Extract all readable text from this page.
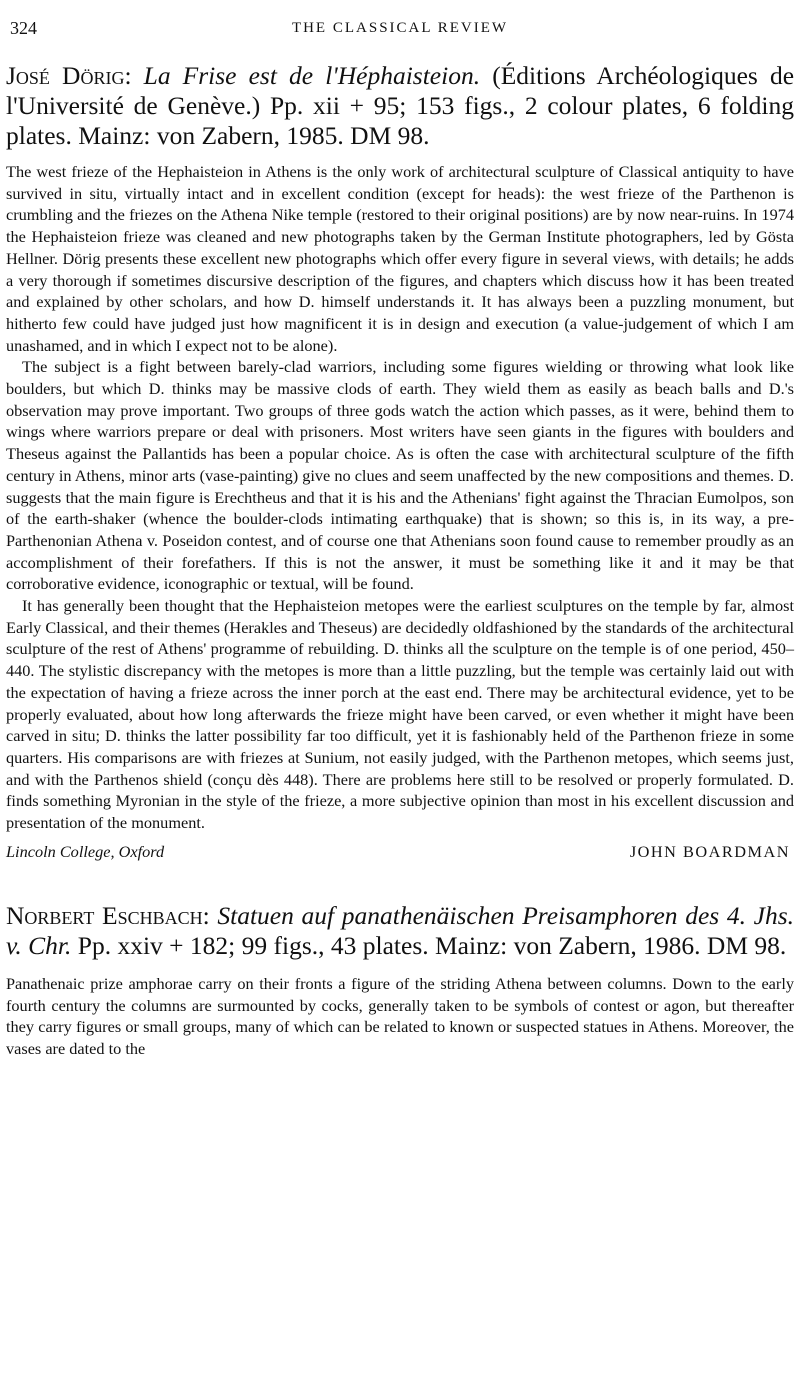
324	THE CLASSICAL REVIEW
José Dörig: La Frise est de l'Héphaisteion. (Éditions Archéologiques de l'Université de Genève.) Pp. xii + 95; 153 figs., 2 colour plates, 6 folding plates. Mainz: von Zabern, 1985. DM 98.

The west frieze of the Hephaisteion in Athens is the only work of architectural sculpture of Classical antiquity to have survived in situ, virtually intact and in excellent condition (except for heads): the west frieze of the Parthenon is crumbling and the friezes on the Athena Nike temple (restored to their original positions) are by now near-ruins. In 1974 the Hephaisteion frieze was cleaned and new photographs taken by the German Institute photographers, led by Gösta Hellner. Dörig presents these excellent new photographs which offer every figure in several views, with details; he adds a very thorough if sometimes discursive description of the figures, and chapters which discuss how it has been treated and explained by other scholars, and how D. himself understands it. It has always been a puzzling monument, but hitherto few could have judged just how magnificent it is in design and execution (a value-judgement of which I am unashamed, and in which I expect not to be alone).

The subject is a fight between barely-clad warriors, including some figures wielding or throwing what look like boulders, but which D. thinks may be massive clods of earth. They wield them as easily as beach balls and D.'s observation may prove important. Two groups of three gods watch the action which passes, as it were, behind them to wings where warriors prepare or deal with prisoners. Most writers have seen giants in the figures with boulders and Theseus against the Pallantids has been a popular choice. As is often the case with architectural sculpture of the fifth century in Athens, minor arts (vase-painting) give no clues and seem unaffected by the new compositions and themes. D. suggests that the main figure is Erechtheus and that it is his and the Athenians' fight against the Thracian Eumolpos, son of the earth-shaker (whence the boulder-clods intimating earthquake) that is shown; so this is, in its way, a pre-Parthenonian Athena v. Poseidon contest, and of course one that Athenians soon found cause to remember proudly as an accomplishment of their forefathers. If this is not the answer, it must be something like it and it may be that corroborative evidence, iconographic or textual, will be found.

It has generally been thought that the Hephaisteion metopes were the earliest sculptures on the temple by far, almost Early Classical, and their themes (Herakles and Theseus) are decidedly oldfashioned by the standards of the architectural sculpture of the rest of Athens' programme of rebuilding. D. thinks all the sculpture on the temple is of one period, 450–440. The stylistic discrepancy with the metopes is more than a little puzzling, but the temple was certainly laid out with the expectation of having a frieze across the inner porch at the east end. There may be architectural evidence, yet to be properly evaluated, about how long afterwards the frieze might have been carved, or even whether it might have been carved in situ; D. thinks the latter possibility far too difficult, yet it is fashionably held of the Parthenon frieze in some quarters. His comparisons are with friezes at Sunium, not easily judged, with the Parthenon metopes, which seems just, and with the Parthenos shield (conçu dès 448). There are problems here still to be resolved or properly formulated. D. finds something Myronian in the style of the frieze, a more subjective opinion than most in his excellent discussion and presentation of the monument.

Lincoln College, Oxford	JOHN BOARDMAN
Norbert Eschbach: Statuen auf panathenäischen Preisamphoren des 4. Jhs. v. Chr. Pp. xxiv + 182; 99 figs., 43 plates. Mainz: von Zabern, 1986. DM 98.

Panathenaic prize amphorae carry on their fronts a figure of the striding Athena between columns. Down to the early fourth century the columns are surmounted by cocks, generally taken to be symbols of contest or agon, but thereafter they carry figures or small groups, many of which can be related to known or suspected statues in Athens. Moreover, the vases are dated to the
